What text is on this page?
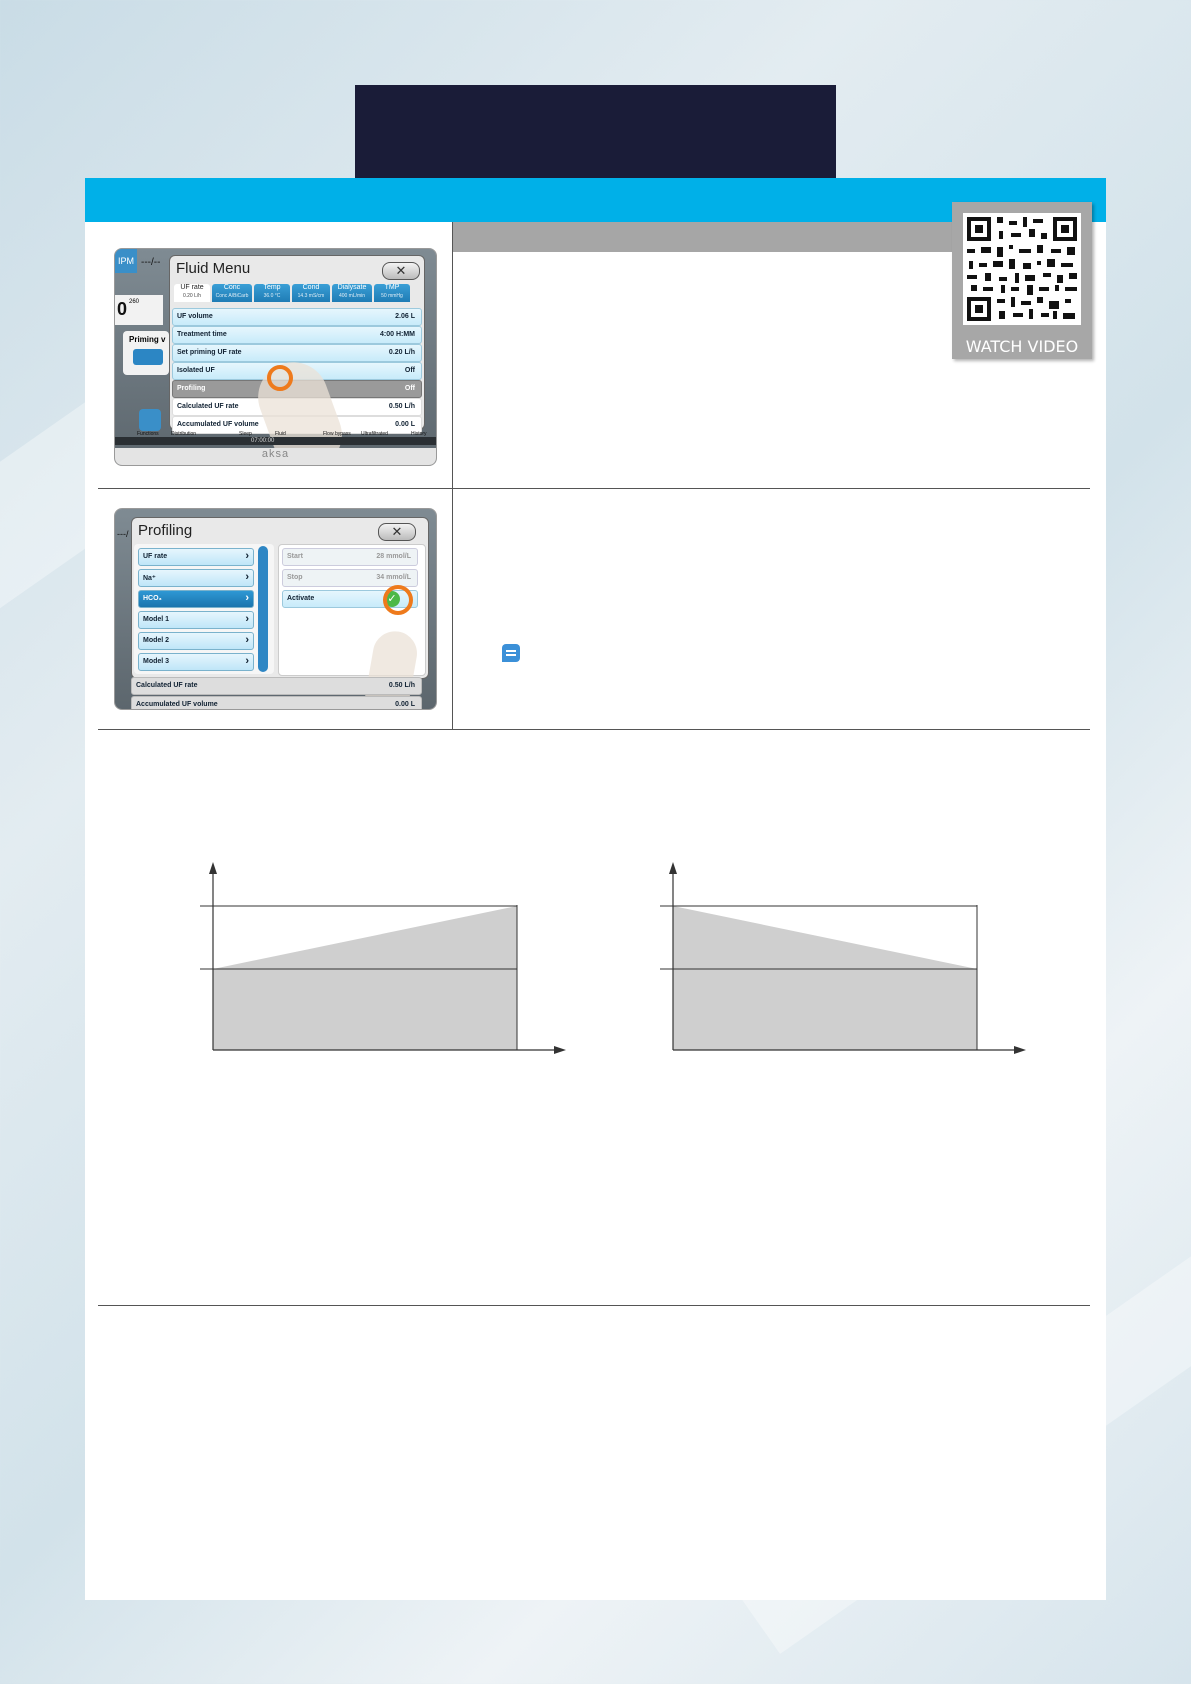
WATCH VIDEO
IPM ---/--
0 260
Priming v
Fluid Menu	✕
UF rate
0.20 L/h
Conc
Conc A/BiCarb
Temp
36.0 °C
Cond
14.3 mS/cm
Dialysate
400 mL/min
TMP
50 mmHg
UF volume	2.06 L
Treatment time	4:00 H:MM
Set priming UF rate	0.20 L/h
Isolated UF	Off
Profiling	Off
Calculated UF rate	0.50 L/h
Accumulated UF volume	0.00 L
07:00:00
Functions Distribution	Sleep	Fluid	Flow bypass Ultrafiltrated	History
aksa
---/ Profiling	✕
UF rate	›
Na⁺	›
HCO₃	›
Model 1	›
Model 2	›
Model 3	›
Start	28 mmol/L
Stop	34 mmol/L
Activate	✓
Calculated UF rate	0.50 L/h
Accumulated UF volume	0.00 L
